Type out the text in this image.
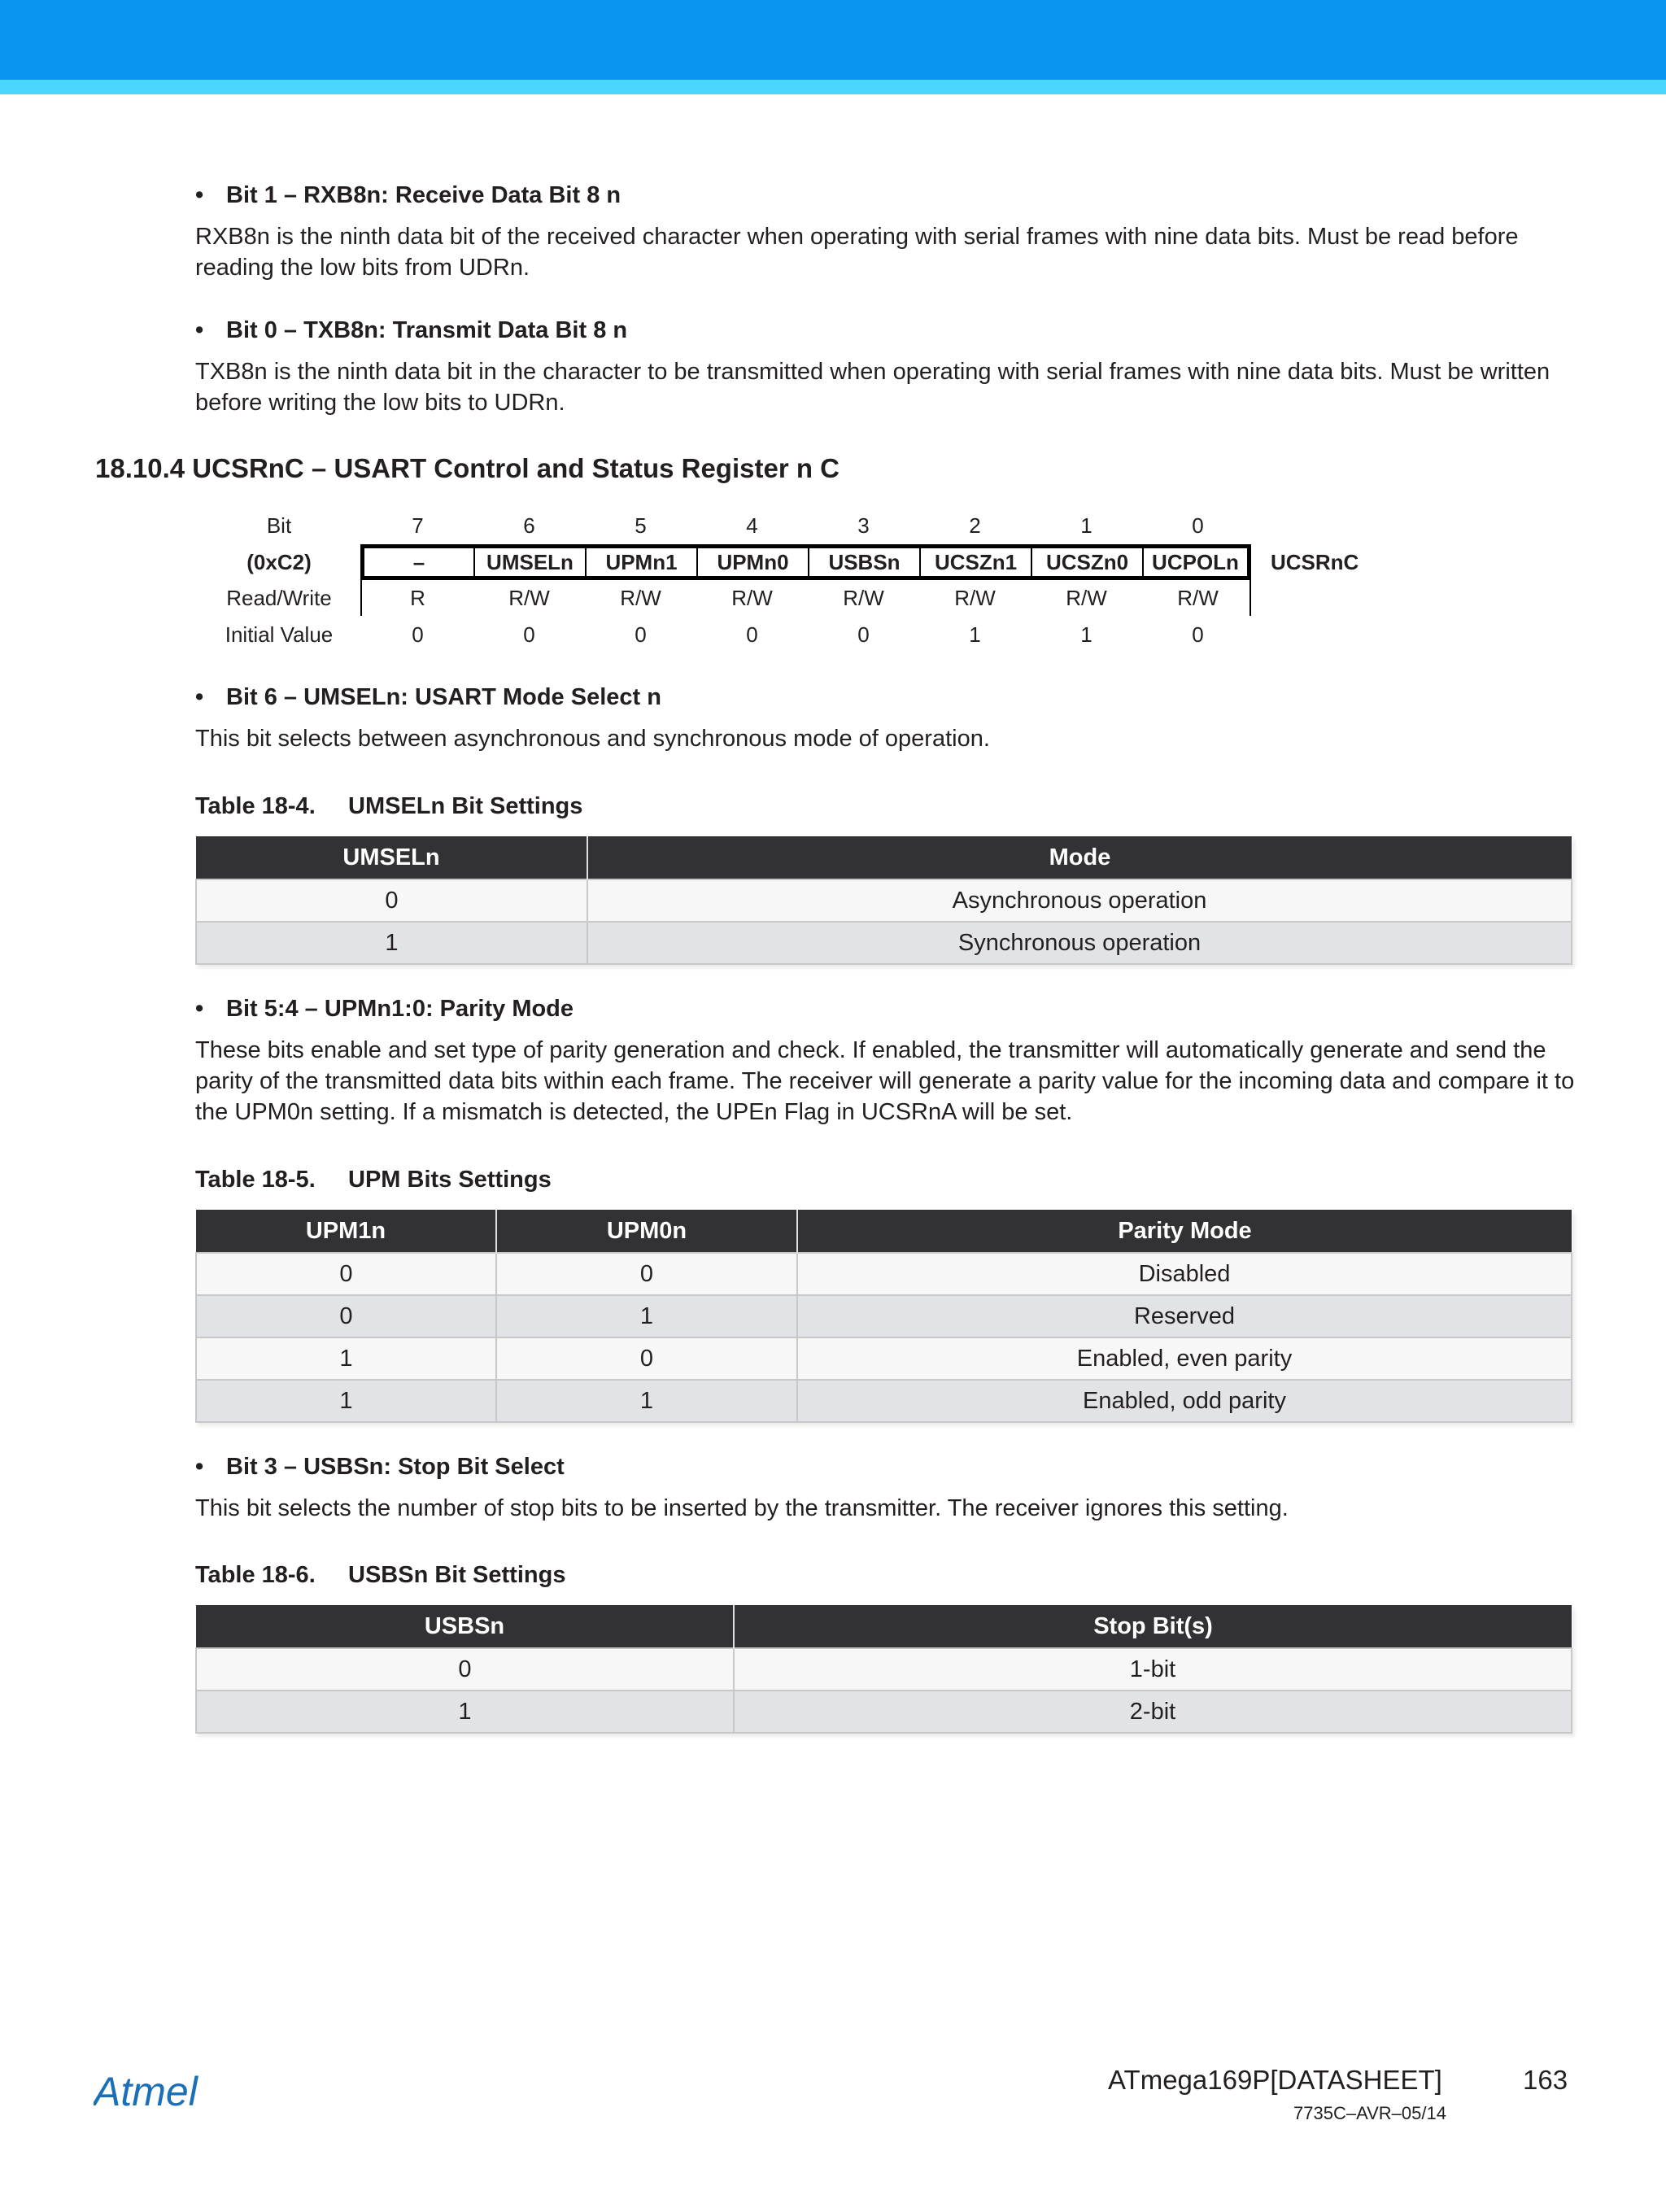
• Bit 1 – RXB8n: Receive Data Bit 8 n
RXB8n is the ninth data bit of the received character when operating with serial frames with nine data bits. Must be read before reading the low bits from UDRn.
• Bit 0 – TXB8n: Transmit Data Bit 8 n
TXB8n is the ninth data bit in the character to be transmitted when operating with serial frames with nine data bits. Must be written before writing the low bits to UDRn.
18.10.4 UCSRnC – USART Control and Status Register n C
Bit	7	6	5	4	3	2	1	0
(0xC2)	–	UMSELn	UPMn1	UPMn0	USBSn	UCSZn1	UCSZn0	UCPOLn	UCSRnC
Read/Write	R	R/W	R/W	R/W	R/W	R/W	R/W	R/W
Initial Value	0	0	0	0	0	1	1	0
• Bit 6 – UMSELn: USART Mode Select n
This bit selects between asynchronous and synchronous mode of operation.
Table 18-4. UMSELn Bit Settings
UMSELn	Mode
0	Asynchronous operation
1	Synchronous operation
• Bit 5:4 – UPMn1:0: Parity Mode
These bits enable and set type of parity generation and check. If enabled, the transmitter will automatically generate and send the parity of the transmitted data bits within each frame. The receiver will generate a parity value for the incoming data and compare it to the UPM0n setting. If a mismatch is detected, the UPEn Flag in UCSRnA will be set.
Table 18-5. UPM Bits Settings
UPM1n	UPM0n	Parity Mode
0	0	Disabled
0	1	Reserved
1	0	Enabled, even parity
1	1	Enabled, odd parity
• Bit 3 – USBSn: Stop Bit Select
This bit selects the number of stop bits to be inserted by the transmitter. The receiver ignores this setting.
Table 18-6. USBSn Bit Settings
USBSn	Stop Bit(s)
0	1-bit
1	2-bit
Atmel	ATmega169P[DATASHEET]	163
7735C–AVR–05/14
